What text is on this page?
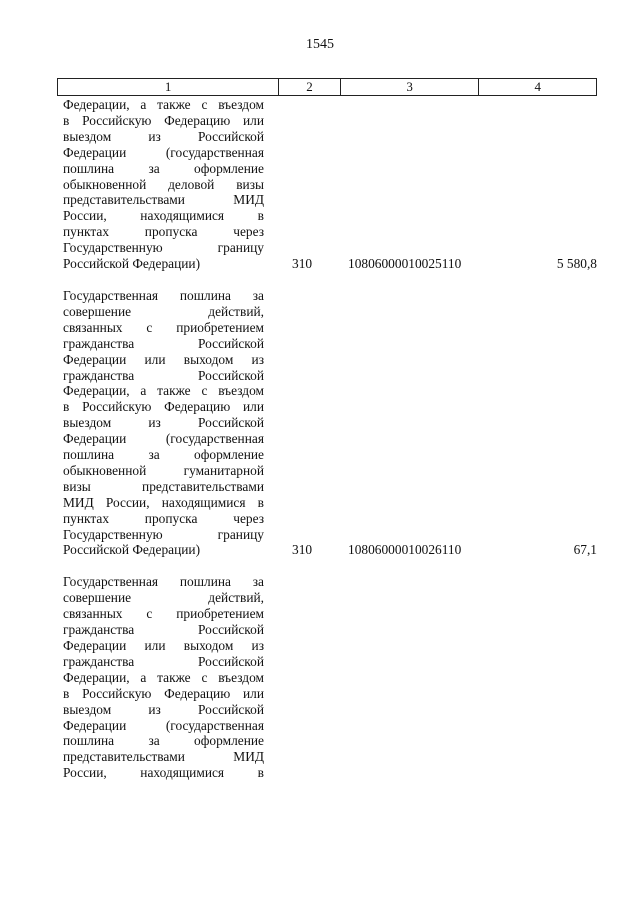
1545
1	2	3	4
Федерации, а также с въездом
в Российскую Федерацию или
выездом из Российской
Федерации (государственная
пошлина за оформление
обыкновенной деловой визы
представительствами МИД
России, находящимися в
пунктах пропуска через
Государственную границу
Российской Федерации)	310	10806000010025110	5 580,8
Государственная пошлина за
совершение действий,
связанных с приобретением
гражданства Российской
Федерации или выходом из
гражданства Российской
Федерации, а также с въездом
в Российскую Федерацию или
выездом из Российской
Федерации (государственная
пошлина за оформление
обыкновенной гуманитарной
визы представительствами
МИД России, находящимися в
пунктах пропуска через
Государственную границу
Российской Федерации)	310	10806000010026110	67,1
Государственная пошлина за
совершение действий,
связанных с приобретением
гражданства Российской
Федерации или выходом из
гражданства Российской
Федерации, а также с въездом
в Российскую Федерацию или
выездом из Российской
Федерации (государственная
пошлина за оформление
представительствами МИД
России, находящимися в
